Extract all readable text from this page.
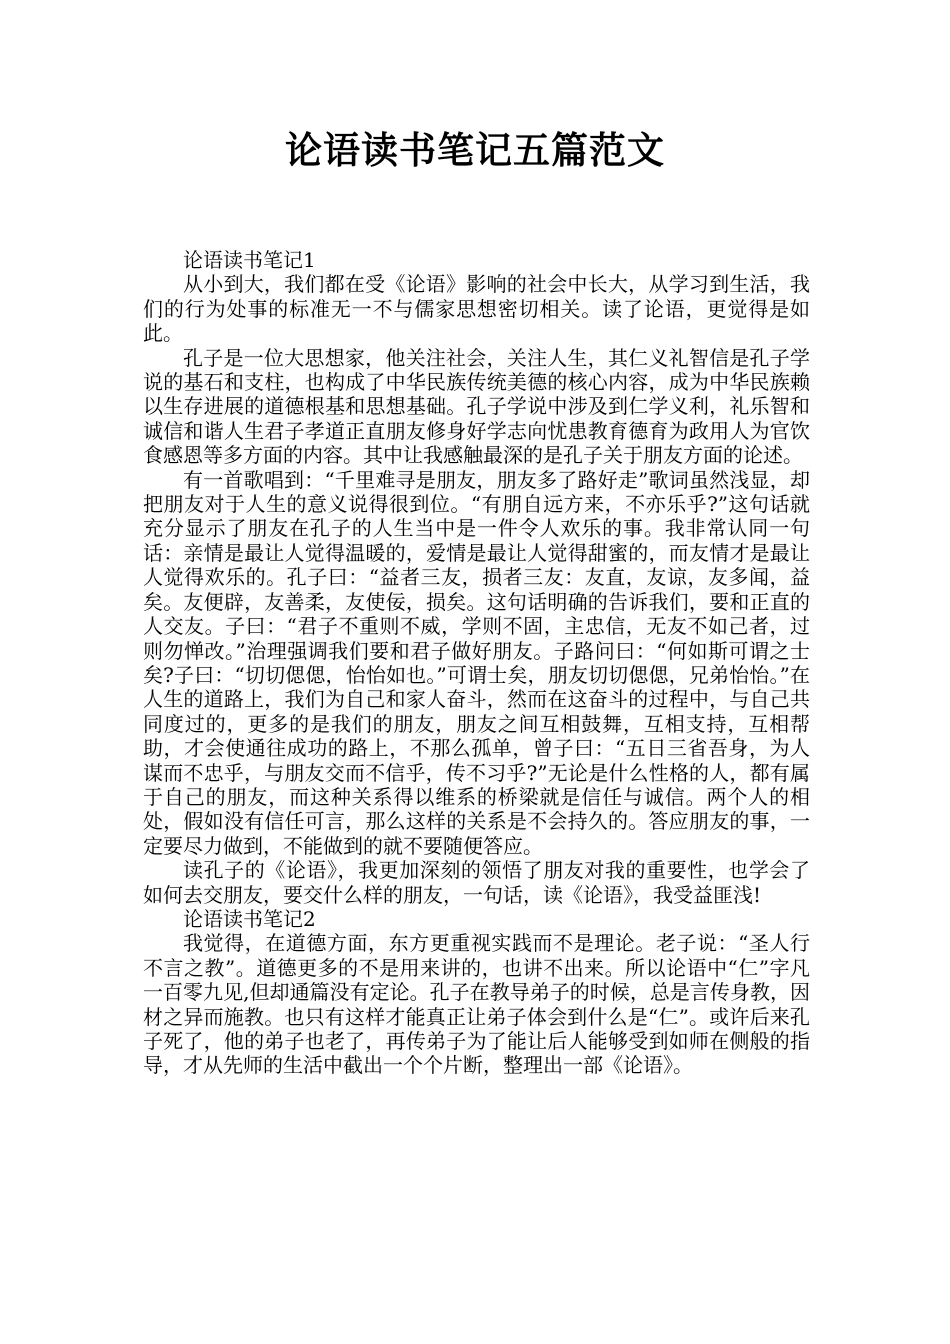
论语读书笔记五篇范文

论语读书笔记1

从小到大，我们都在受《论语》影响的社会中长大，从学习到生活，我们的行为处事的标准无一不与儒家思想密切相关。读了论语，更觉得是如此。

孔子是一位大思想家，他关注社会，关注人生，其仁义礼智信是孔子学说的基石和支柱，也构成了中华民族传统美德的核心内容，成为中华民族赖以生存进展的道德根基和思想基础。孔子学说中涉及到仁学义利，礼乐智和诚信和谐人生君子孝道正直朋友修身好学志向忧患教育德育为政用人为官饮食感恩等多方面的内容。其中让我感触最深的是孔子关于朋友方面的论述。

有一首歌唱到：“千里难寻是朋友，朋友多了路好走”歌词虽然浅显，却把朋友对于人生的意义说得很到位。“有朋自远方来，不亦乐乎?”这句话就充分显示了朋友在孔子的人生当中是一件令人欢乐的事。我非常认同一句话：亲情是最让人觉得温暖的，爱情是最让人觉得甜蜜的，而友情才是最让人觉得欢乐的。孔子曰：“益者三友，损者三友：友直，友谅，友多闻，益矣。友便辟，友善柔，友使佞，损矣。这句话明确的告诉我们，要和正直的人交友。子曰：“君子不重则不威，学则不固，主忠信，无友不如己者，过则勿惮改。”治理强调我们要和君子做好朋友。子路问曰：“何如斯可谓之士矣?子曰：“切切偲偲，怡怡如也。”可谓士矣，朋友切切偲偲，兄弟怡怡。”在人生的道路上，我们为自己和家人奋斗，然而在这奋斗的过程中，与自己共同度过的，更多的是我们的朋友，朋友之间互相鼓舞，互相支持，互相帮助，才会使通往成功的路上，不那么孤单，曾子曰：“五日三省吾身，为人谋而不忠乎，与朋友交而不信乎，传不习乎?”无论是什么性格的人，都有属于自己的朋友，而这种关系得以维系的桥梁就是信任与诚信。两个人的相处，假如没有信任可言，那么这样的关系是不会持久的。答应朋友的事，一定要尽力做到，不能做到的就不要随便答应。

读孔子的《论语》，我更加深刻的领悟了朋友对我的重要性，也学会了如何去交朋友，要交什么样的朋友，一句话，读《论语》，我受益匪浅!

论语读书笔记2

我觉得，在道德方面，东方更重视实践而不是理论。老子说：“圣人行不言之教”。道德更多的不是用来讲的，也讲不出来。所以论语中“仁”字凡一百零九见,但却通篇没有定论。孔子在教导弟子的时候，总是言传身教，因材之异而施教。也只有这样才能真正让弟子体会到什么是“仁”。或许后来孔子死了，他的弟子也老了，再传弟子为了能让后人能够受到如师在侧般的指导，才从先师的生活中截出一个个片断，整理出一部《论语》。
